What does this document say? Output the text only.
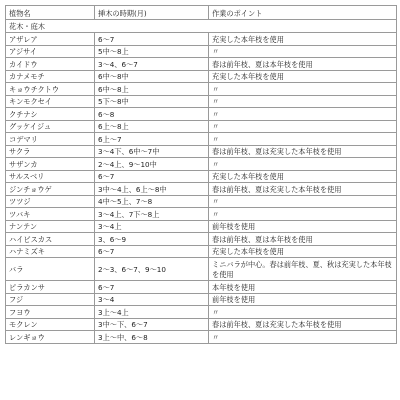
植物名	挿木の時期(月)	作業のポイント
花木・庭木		
アザレア	6～7	充実した本年枝を使用
アジサイ	5中～8上	〃
カイドウ	3～4、6～7	春は前年枝、夏は本年枝を使用
カナメモチ	6中～8中	充実した本年枝を使用
キョウチクトウ	6中～8上	〃
キンモクセイ	5下～8中	〃
クチナシ	6～8	〃
グッケイジュ	6上～8上	〃
コデマリ	6上～7	〃
サクラ	3～4下、6中～7中	春は前年枝、夏は充実した本年枝を使用
サザンカ	2～4上、9～10中	〃
サルスベリ	6～7	充実した本年枝を使用
ジンチョウゲ	3中～4上、6上～8中	春は前年枝、夏は充実した本年枝を使用
ツツジ	4中～5上、7～8	〃
ツバキ	3～4上、7下～8上	〃
ナンテン	3～4上	前年枝を使用
ハイビスカス	3、6～9	春は前年枝、夏は本年枝を使用
ハナミズキ	6～7	充実した本年枝を使用
バラ	2～3、6～7、9～10	ミニバラが中心。春は前年枝、夏、秋は充実した本年枝を使用
ピラカンサ	6～7	本年枝を使用
フジ	3～4	前年枝を使用
フヨウ	3上～4上	〃
モクレン	3中～下、6～7	春は前年枝、夏は充実した本年枝を使用
レンギョウ	3上～中、6～8	〃
